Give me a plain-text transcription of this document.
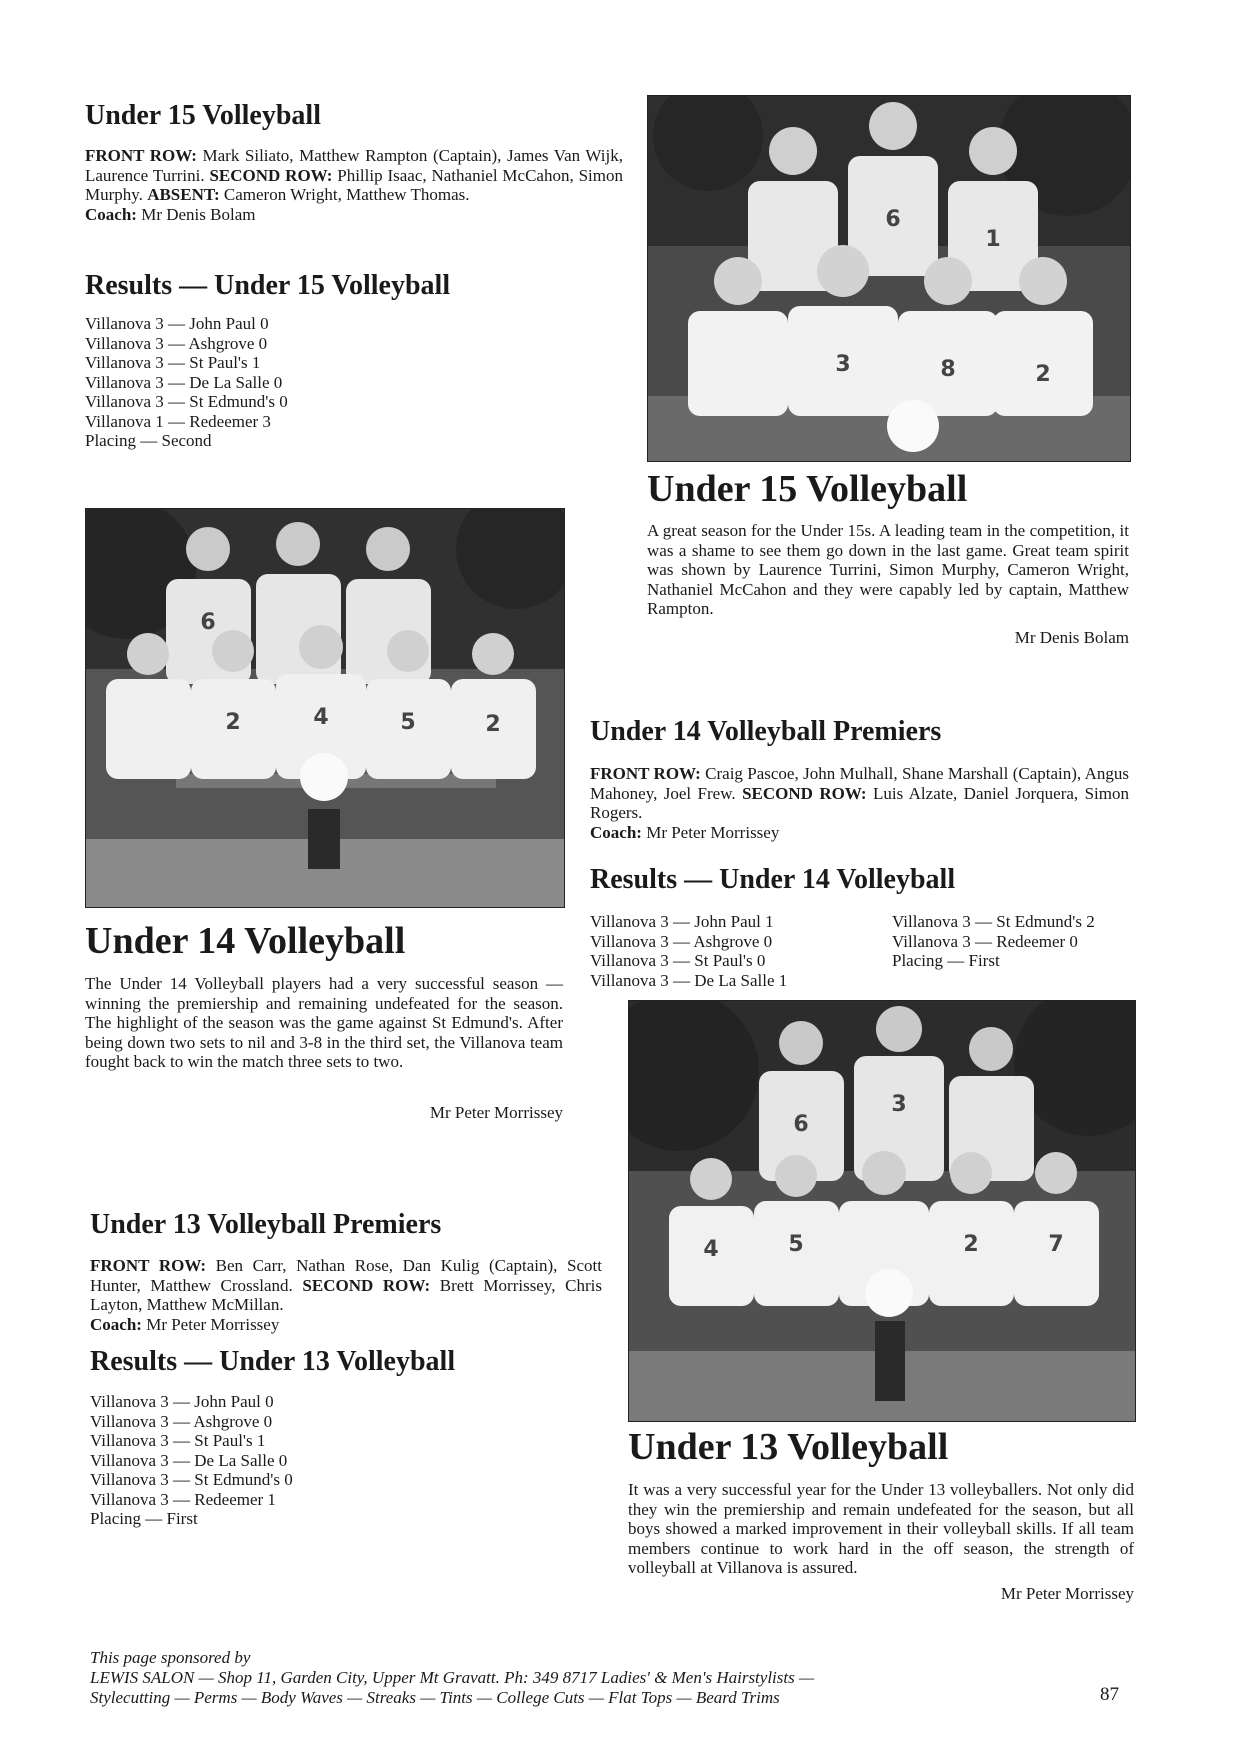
Under 15 Volleyball
FRONT ROW: Mark Siliato, Matthew Rampton (Captain), James Van Wijk, Laurence Turrini. SECOND ROW: Phillip Isaac, Nathaniel McCahon, Simon Murphy. ABSENT: Cameron Wright, Matthew Thomas.
Coach: Mr Denis Bolam
Results — Under 15 Volleyball
Villanova 3 — John Paul 0
Villanova 3 — Ashgrove 0
Villanova 3 — St Paul's 1
Villanova 3 — De La Salle 0
Villanova 3 — St Edmund's 0
Villanova 1 — Redeemer 3
Placing — Second
6
1
3	8	2
Under 15 Volleyball
A great season for the Under 15s. A leading team in the competition, it was a shame to see them go down in the last game. Great team spirit was shown by Laurence Turrini, Simon Murphy, Cameron Wright, Nathaniel McCahon and they were capably led by captain, Matthew Rampton.
Mr Denis Bolam
6
2	4	5	2	Under 14 Volleyball Premiers
FRONT ROW: Craig Pascoe, John Mulhall, Shane Marshall (Captain), Angus Mahoney, Joel Frew. SECOND ROW: Luis Alzate, Daniel Jorquera, Simon Rogers.
Coach: Mr Peter Morrissey
Results — Under 14 Volleyball
Villanova 3 — John Paul 1
Villanova 3 — Ashgrove 0
Villanova 3 — St Paul's 0
Villanova 3 — De La Salle 1
Villanova 3 — St Edmund's 2
Villanova 3 — Redeemer 0
Placing — First
Under 14 Volleyball
The Under 14 Volleyball players had a very successful season — winning the premiership and remaining undefeated for the season. The highlight of the season was the game against St Edmund's. After being down two sets to nil and 3-8 in the third set, the Villanova team fought back to win the match three sets to two.
Mr Peter Morrissey	6
3
4	5	2	7
Under 13 Volleyball Premiers
FRONT ROW: Ben Carr, Nathan Rose, Dan Kulig (Captain), Scott Hunter, Matthew Crossland. SECOND ROW: Brett Morrissey, Chris Layton, Matthew McMillan.
Coach: Mr Peter Morrissey
Results — Under 13 Volleyball
Villanova 3 — John Paul 0
Villanova 3 — Ashgrove 0
Villanova 3 — St Paul's 1
Villanova 3 — De La Salle 0
Villanova 3 — St Edmund's 0
Villanova 3 — Redeemer 1
Placing — First
Under 13 Volleyball
It was a very successful year for the Under 13 volleyballers. Not only did they win the premiership and remain undefeated for the season, but all boys showed a marked improvement in their volleyball skills. If all team members continue to work hard in the off season, the strength of volleyball at Villanova is assured.
Mr Peter Morrissey
This page sponsored by
LEWIS SALON — Shop 11, Garden City, Upper Mt Gravatt. Ph: 349 8717 Ladies' & Men's Hairstylists —
Stylecutting — Perms — Body Waves — Streaks — Tints — College Cuts — Flat Tops — Beard Trims	87
